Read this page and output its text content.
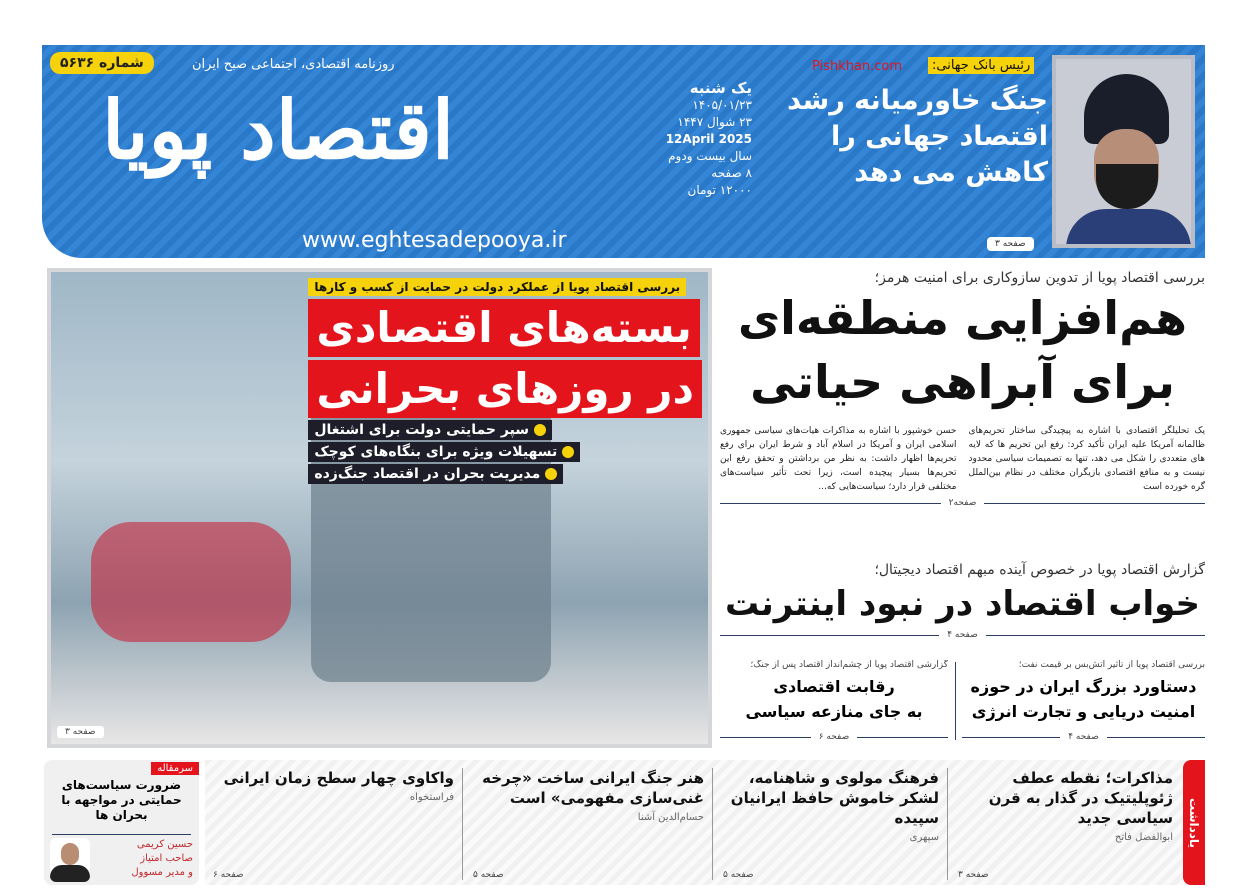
شماره ۵۶۳۶	روزنامه اقتصادی، اجتماعی صبح ایران
اقتصاد پویا
www.eghtesadepooya.ir
یک شنبه
۱۴۰۵/۰۱/۲۳
۲۳ شوال ۱۴۴۷
12April 2025
سال بیست ودوم
۸ صفحه
۱۲۰۰۰ تومان
Pishkhan.com	رئیس بانک جهانی:
جنگ خاورمیانه رشد اقتصاد جهانی را کاهش می دهد
صفحه ۳
بررسی اقتصاد پویا از عملکرد دولت در حمایت از کسب و کارها
بسته‌های اقتصادی
در روزهای بحرانی
سپر حمایتی دولت برای اشتغال
تسهیلات ویژه برای بنگاه‌های کوچک
مدیریت بحران در اقتصاد جنگ‌زده
صفحه ۳
بررسی اقتصاد پویا از تدوین سازوکاری برای امنیت هرمز؛
هم‌افزایی منطقه‌ای
برای آبراهی حیاتی
یک تحلیلگر اقتصادی با اشاره به پیچیدگی ساختار تحریم‌های ظالمانه آمریکا علیه ایران تأکید کرد: رفع این تحریم ها که لایه های متعددی را شکل می دهد، تنها به تصمیمات سیاسی محدود نیست و به منافع اقتصادی بازیگران مختلف در نظام بین‌الملل گره خورده است
حسن خوشپور با اشاره به مذاکرات هیات‌های سیاسی جمهوری اسلامی ایران و آمریکا در اسلام آباد و شرط ایران برای رفع تحریم‌ها اظهار داشت: به نظر من برداشتن و تحقق رفع این تحریم‌ها بسیار پیچیده است، زیرا تحت تأثیر سیاست‌های مختلفی قرار دارد؛ سیاست‌هایی که...
صفحه۲
گزارش اقتصاد پویا در خصوص آینده مبهم اقتصاد دیجیتال؛
خواب اقتصاد در نبود اینترنت
صفحه ۴
بررسی اقتصاد پویا از تأثیر آتش‌بس بر قیمت نفت؛
دستاورد بزرگ ایران در حوزه
امنیت دریایی و تجارت انرژی
صفحه ۴
گزارشی اقتصاد پویا از چشم‌انداز اقتصاد پس از جنگ؛
رقابت اقتصادی
به جای منازعه سیاسی
صفحه ۶
سرمقاله
ضرورت سیاست‌های حمایتی در مواجهه با بحران ها
حسین کریمی
صاحب امتیاز
و مدیر مسوول
یادداشت
مذاکرات؛ نقطه عطف ژئوپلیتیک در گذار به قرن سیاسی جدید
ابوالفضل فاتح
صفحه ۳
فرهنگ مولوی و شاهنامه، لشکر خاموش حافظ ایرانیان سپیده
سپهری
صفحه ۵
هنر جنگ ایرانی ساخت «چرخه غنی‌سازی مفهومی» است
حسام‌الدین آشنا
صفحه ۵
واکاوی چهار سطح زمان ایرانی
فراستخواه
صفحه ۶
